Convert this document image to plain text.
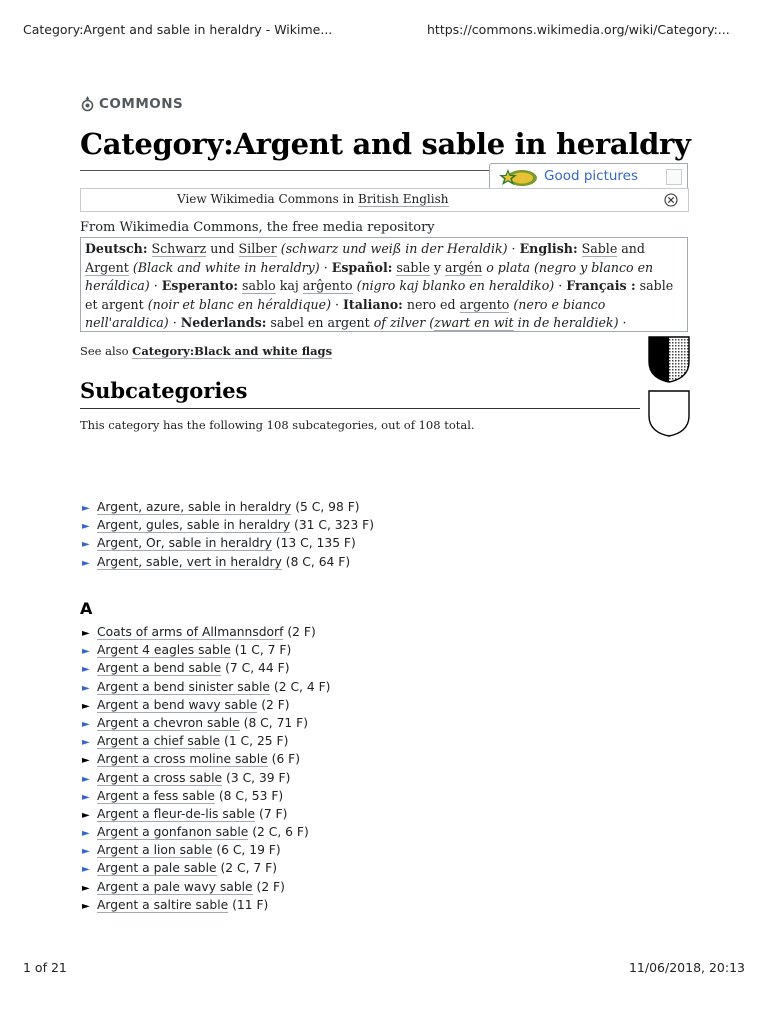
Category:Argent and sable in heraldry - Wikime...	https://commons.wikimedia.org/wiki/Category:...
1 of 21	11/06/2018, 20:13
COMMONS
Category:Argent and sable in heraldry
Good pictures
View Wikimedia Commons in British English
From Wikimedia Commons, the free media repository
Deutsch: Schwarz und Silber (schwarz und weiß in der Heraldik) · English: Sable and Argent (Black and white in heraldry) · Español: sable y argén o plata (negro y blanco en heráldica) · Esperanto: sablo kaj arĝento (nigro kaj blanko en heraldiko) · Français : sable et argent (noir et blanc en héraldique) · Italiano: nero ed argento (nero e bianco nell'araldica) · Nederlands: sabel en argent of zilver (zwart en wit in de heraldiek) ·
See also Category:Black and white flags
Subcategories
This category has the following 108 subcategories, out of 108 total.
► Argent, azure, sable in heraldry (5 C, 98 F)
► Argent, gules, sable in heraldry (31 C, 323 F)
► Argent, Or, sable in heraldry (13 C, 135 F)
► Argent, sable, vert in heraldry (8 C, 64 F)
A
► Coats of arms of Allmannsdorf (2 F)
► Argent 4 eagles sable (1 C, 7 F)
► Argent a bend sable (7 C, 44 F)
► Argent a bend sinister sable (2 C, 4 F)
► Argent a bend wavy sable (2 F)
► Argent a chevron sable (8 C, 71 F)
► Argent a chief sable (1 C, 25 F)
► Argent a cross moline sable (6 F)
► Argent a cross sable (3 C, 39 F)
► Argent a fess sable (8 C, 53 F)
► Argent a fleur-de-lis sable (7 F)
► Argent a gonfanon sable (2 C, 6 F)
► Argent a lion sable (6 C, 19 F)
► Argent a pale sable (2 C, 7 F)
► Argent a pale wavy sable (2 F)
► Argent a saltire sable (11 F)
